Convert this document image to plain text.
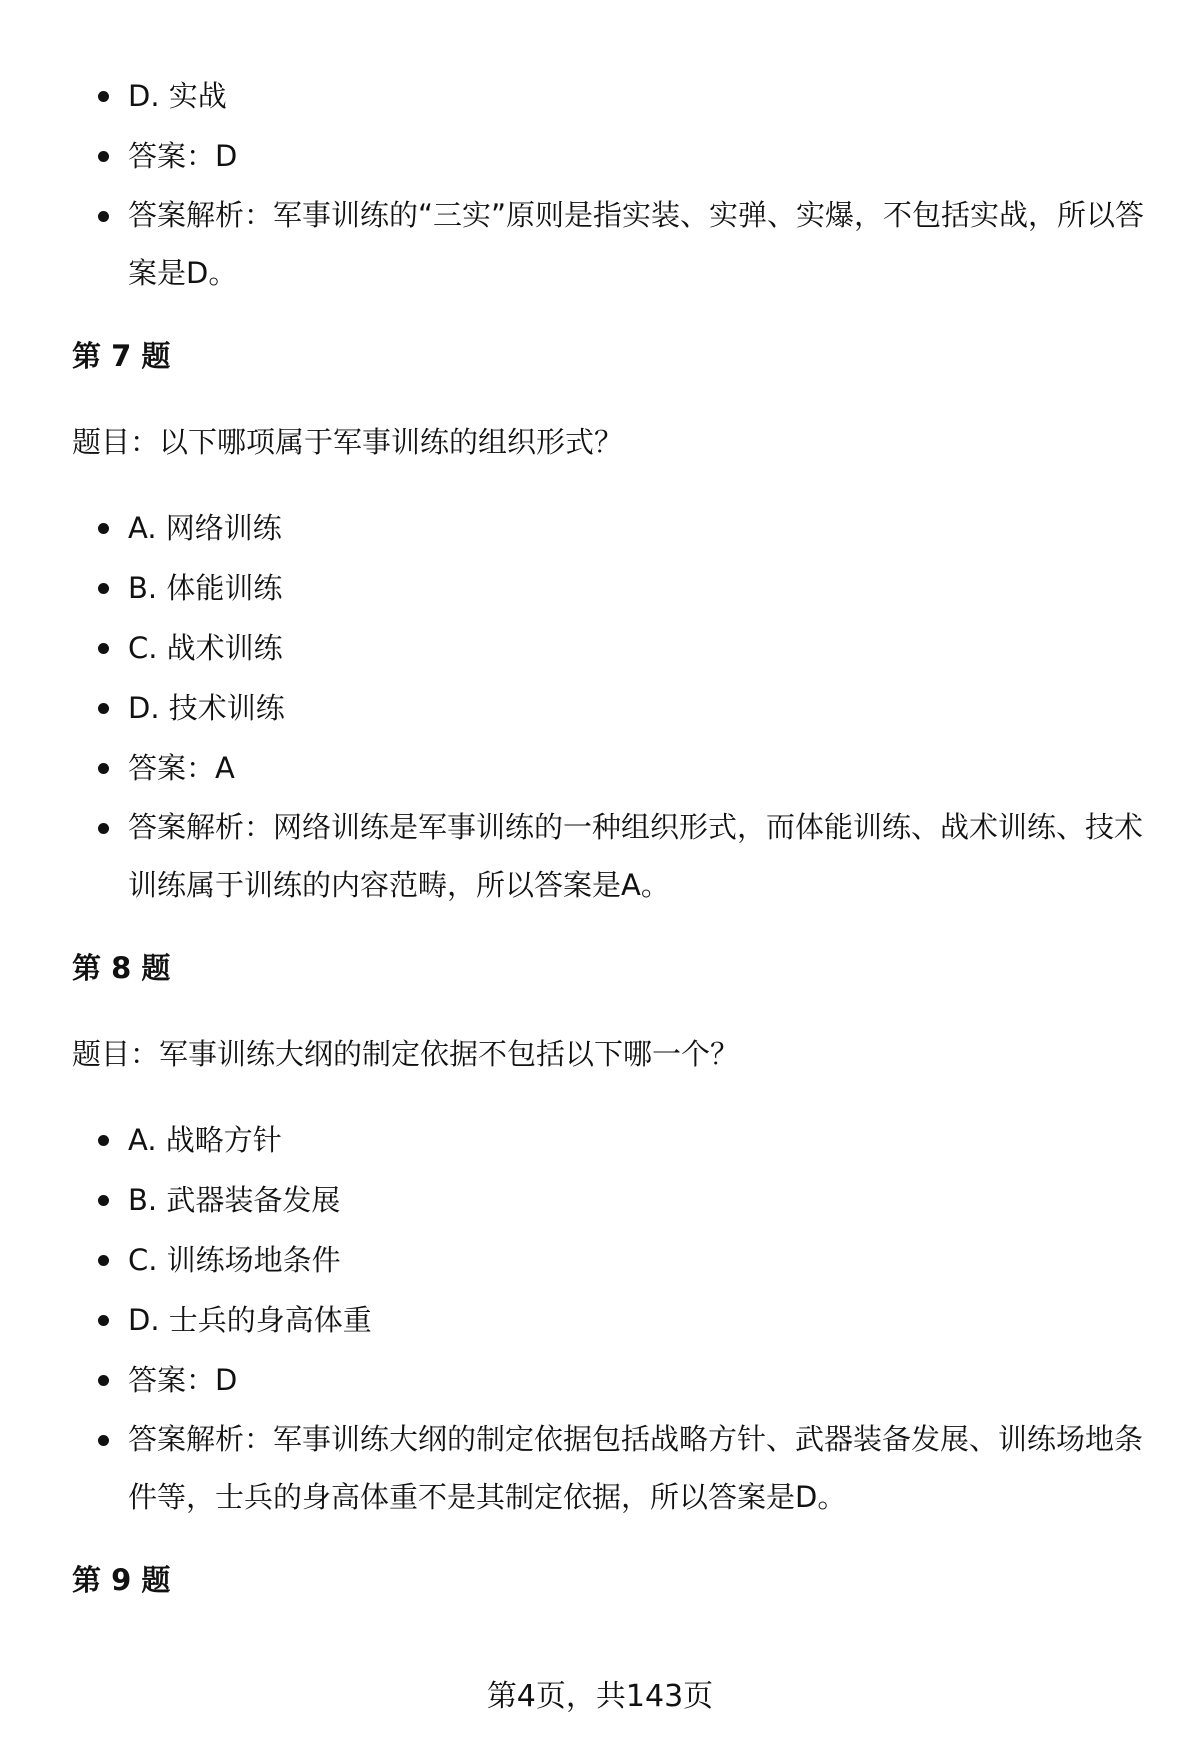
D. 实战
答案：D
答案解析：军事训练的“三实”原则是指实装、实弹、实爆，不包括实战，所以答案是D。
第 7 题
题目：以下哪项属于军事训练的组织形式？
A. 网络训练
B. 体能训练
C. 战术训练
D. 技术训练
答案：A
答案解析：网络训练是军事训练的一种组织形式，而体能训练、战术训练、技术训练属于训练的内容范畴，所以答案是A。
第 8 题
题目：军事训练大纲的制定依据不包括以下哪一个？
A. 战略方针
B. 武器装备发展
C. 训练场地条件
D. 士兵的身高体重
答案：D
答案解析：军事训练大纲的制定依据包括战略方针、武器装备发展、训练场地条件等，士兵的身高体重不是其制定依据，所以答案是D。
第 9 题
第4页，共143页
